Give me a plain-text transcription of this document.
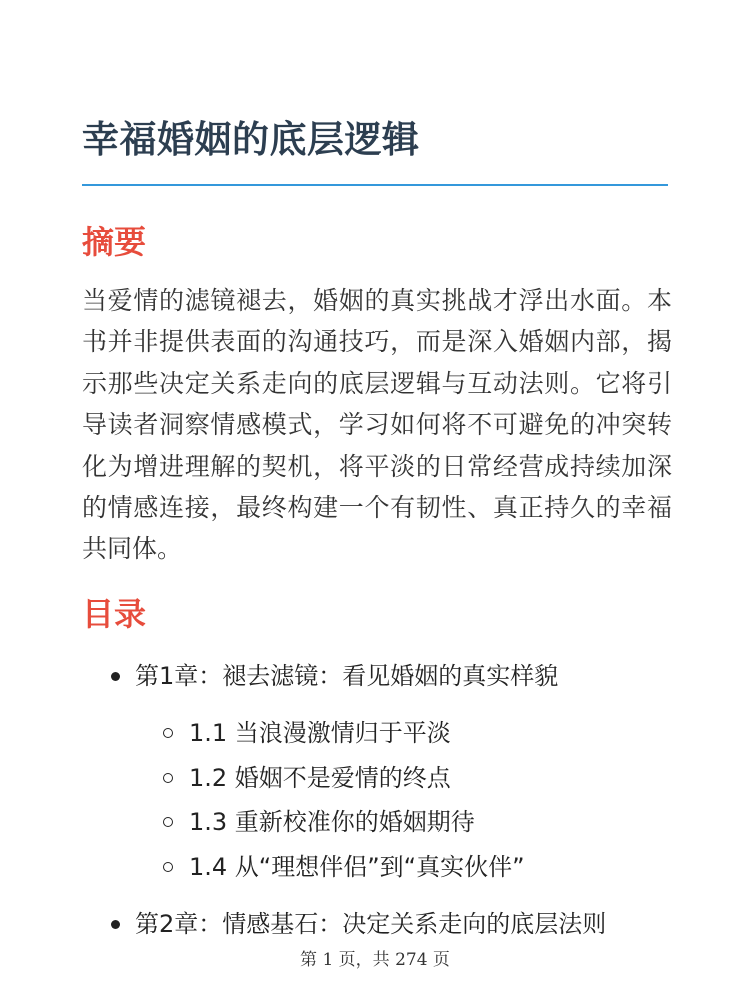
幸福婚姻的底层逻辑
摘要

当爱情的滤镜褪去，婚姻的真实挑战才浮出水面。本书并非提供表面的沟通技巧，而是深入婚姻内部，揭示那些决定关系走向的底层逻辑与互动法则。它将引导读者洞察情感模式，学习如何将不可避免的冲突转化为增进理解的契机，将平淡的日常经营成持续加深的情感连接，最终构建一个有韧性、真正持久的幸福共同体。

目录
第1章：褪去滤镜：看见婚姻的真实样貌
1.1 当浪漫激情归于平淡
1.2 婚姻不是爱情的终点
1.3 重新校准你的婚姻期待
1.4 从“理想伴侣”到“真实伙伴”
第2章：情感基石：决定关系走向的底层法则
第 1 页，共 274 页
